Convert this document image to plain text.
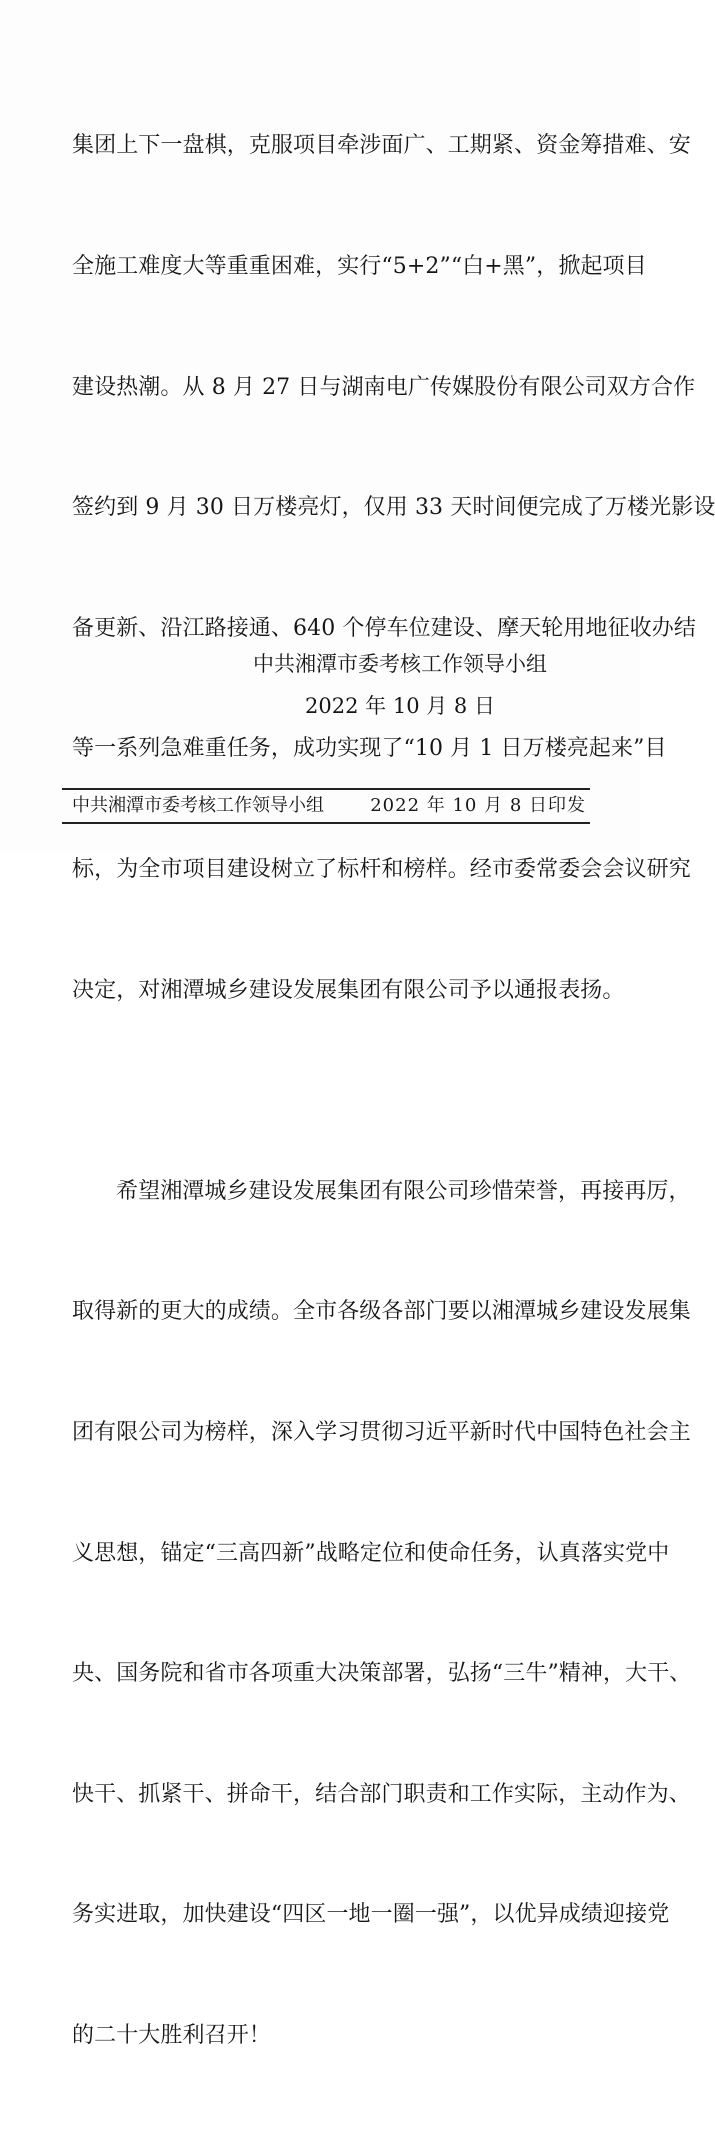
集团上下一盘棋，克服项目牵涉面广、工期紧、资金筹措难、安

全施工难度大等重重困难，实行“5+2”“白+黑”，掀起项目

建设热潮。从 8 月 27 日与湖南电广传媒股份有限公司双方合作

签约到 9 月 30 日万楼亮灯，仅用 33 天时间便完成了万楼光影设

备更新、沿江路接通、640 个停车位建设、摩天轮用地征收办结

等一系列急难重任务，成功实现了“10 月 1 日万楼亮起来”目

标，为全市项目建设树立了标杆和榜样。经市委常委会会议研究

决定，对湘潭城乡建设发展集团有限公司予以通报表扬。

希望湘潭城乡建设发展集团有限公司珍惜荣誉，再接再厉，

取得新的更大的成绩。全市各级各部门要以湘潭城乡建设发展集

团有限公司为榜样，深入学习贯彻习近平新时代中国特色社会主

义思想，锚定“三高四新”战略定位和使命任务，认真落实党中

央、国务院和省市各项重大决策部署，弘扬“三牛”精神，大干、

快干、抓紧干、拼命干，结合部门职责和工作实际，主动作为、

务实进取，加快建设“四区一地一圈一强”，以优异成绩迎接党

的二十大胜利召开！

中共湘潭市委考核工作领导小组
2022 年 10 月 8 日
中共湘潭市委考核工作领导小组	2022 年 10 月 8 日印发
